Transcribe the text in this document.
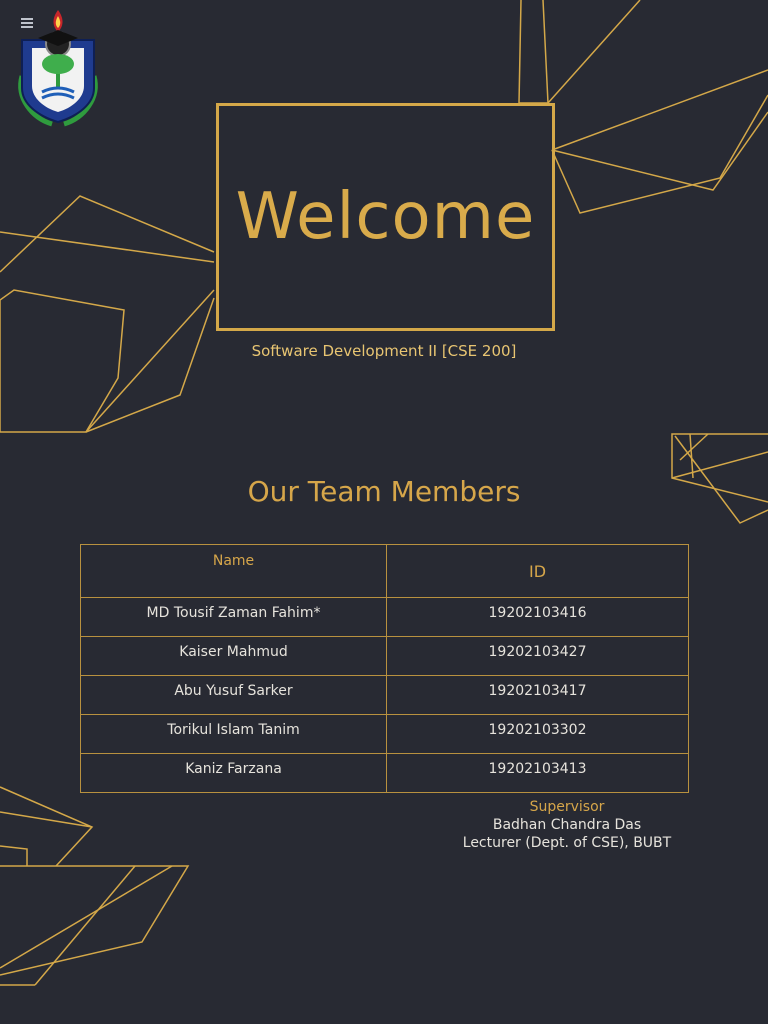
Welcome
Software Development II [CSE 200]
Our Team Members
Name	ID
MD Tousif Zaman Fahim*	19202103416
Kaiser Mahmud	19202103427
Abu Yusuf Sarker	19202103417
Torikul Islam Tanim	19202103302
Kaniz Farzana	19202103413
Supervisor
Badhan Chandra Das
Lecturer (Dept. of CSE), BUBT
